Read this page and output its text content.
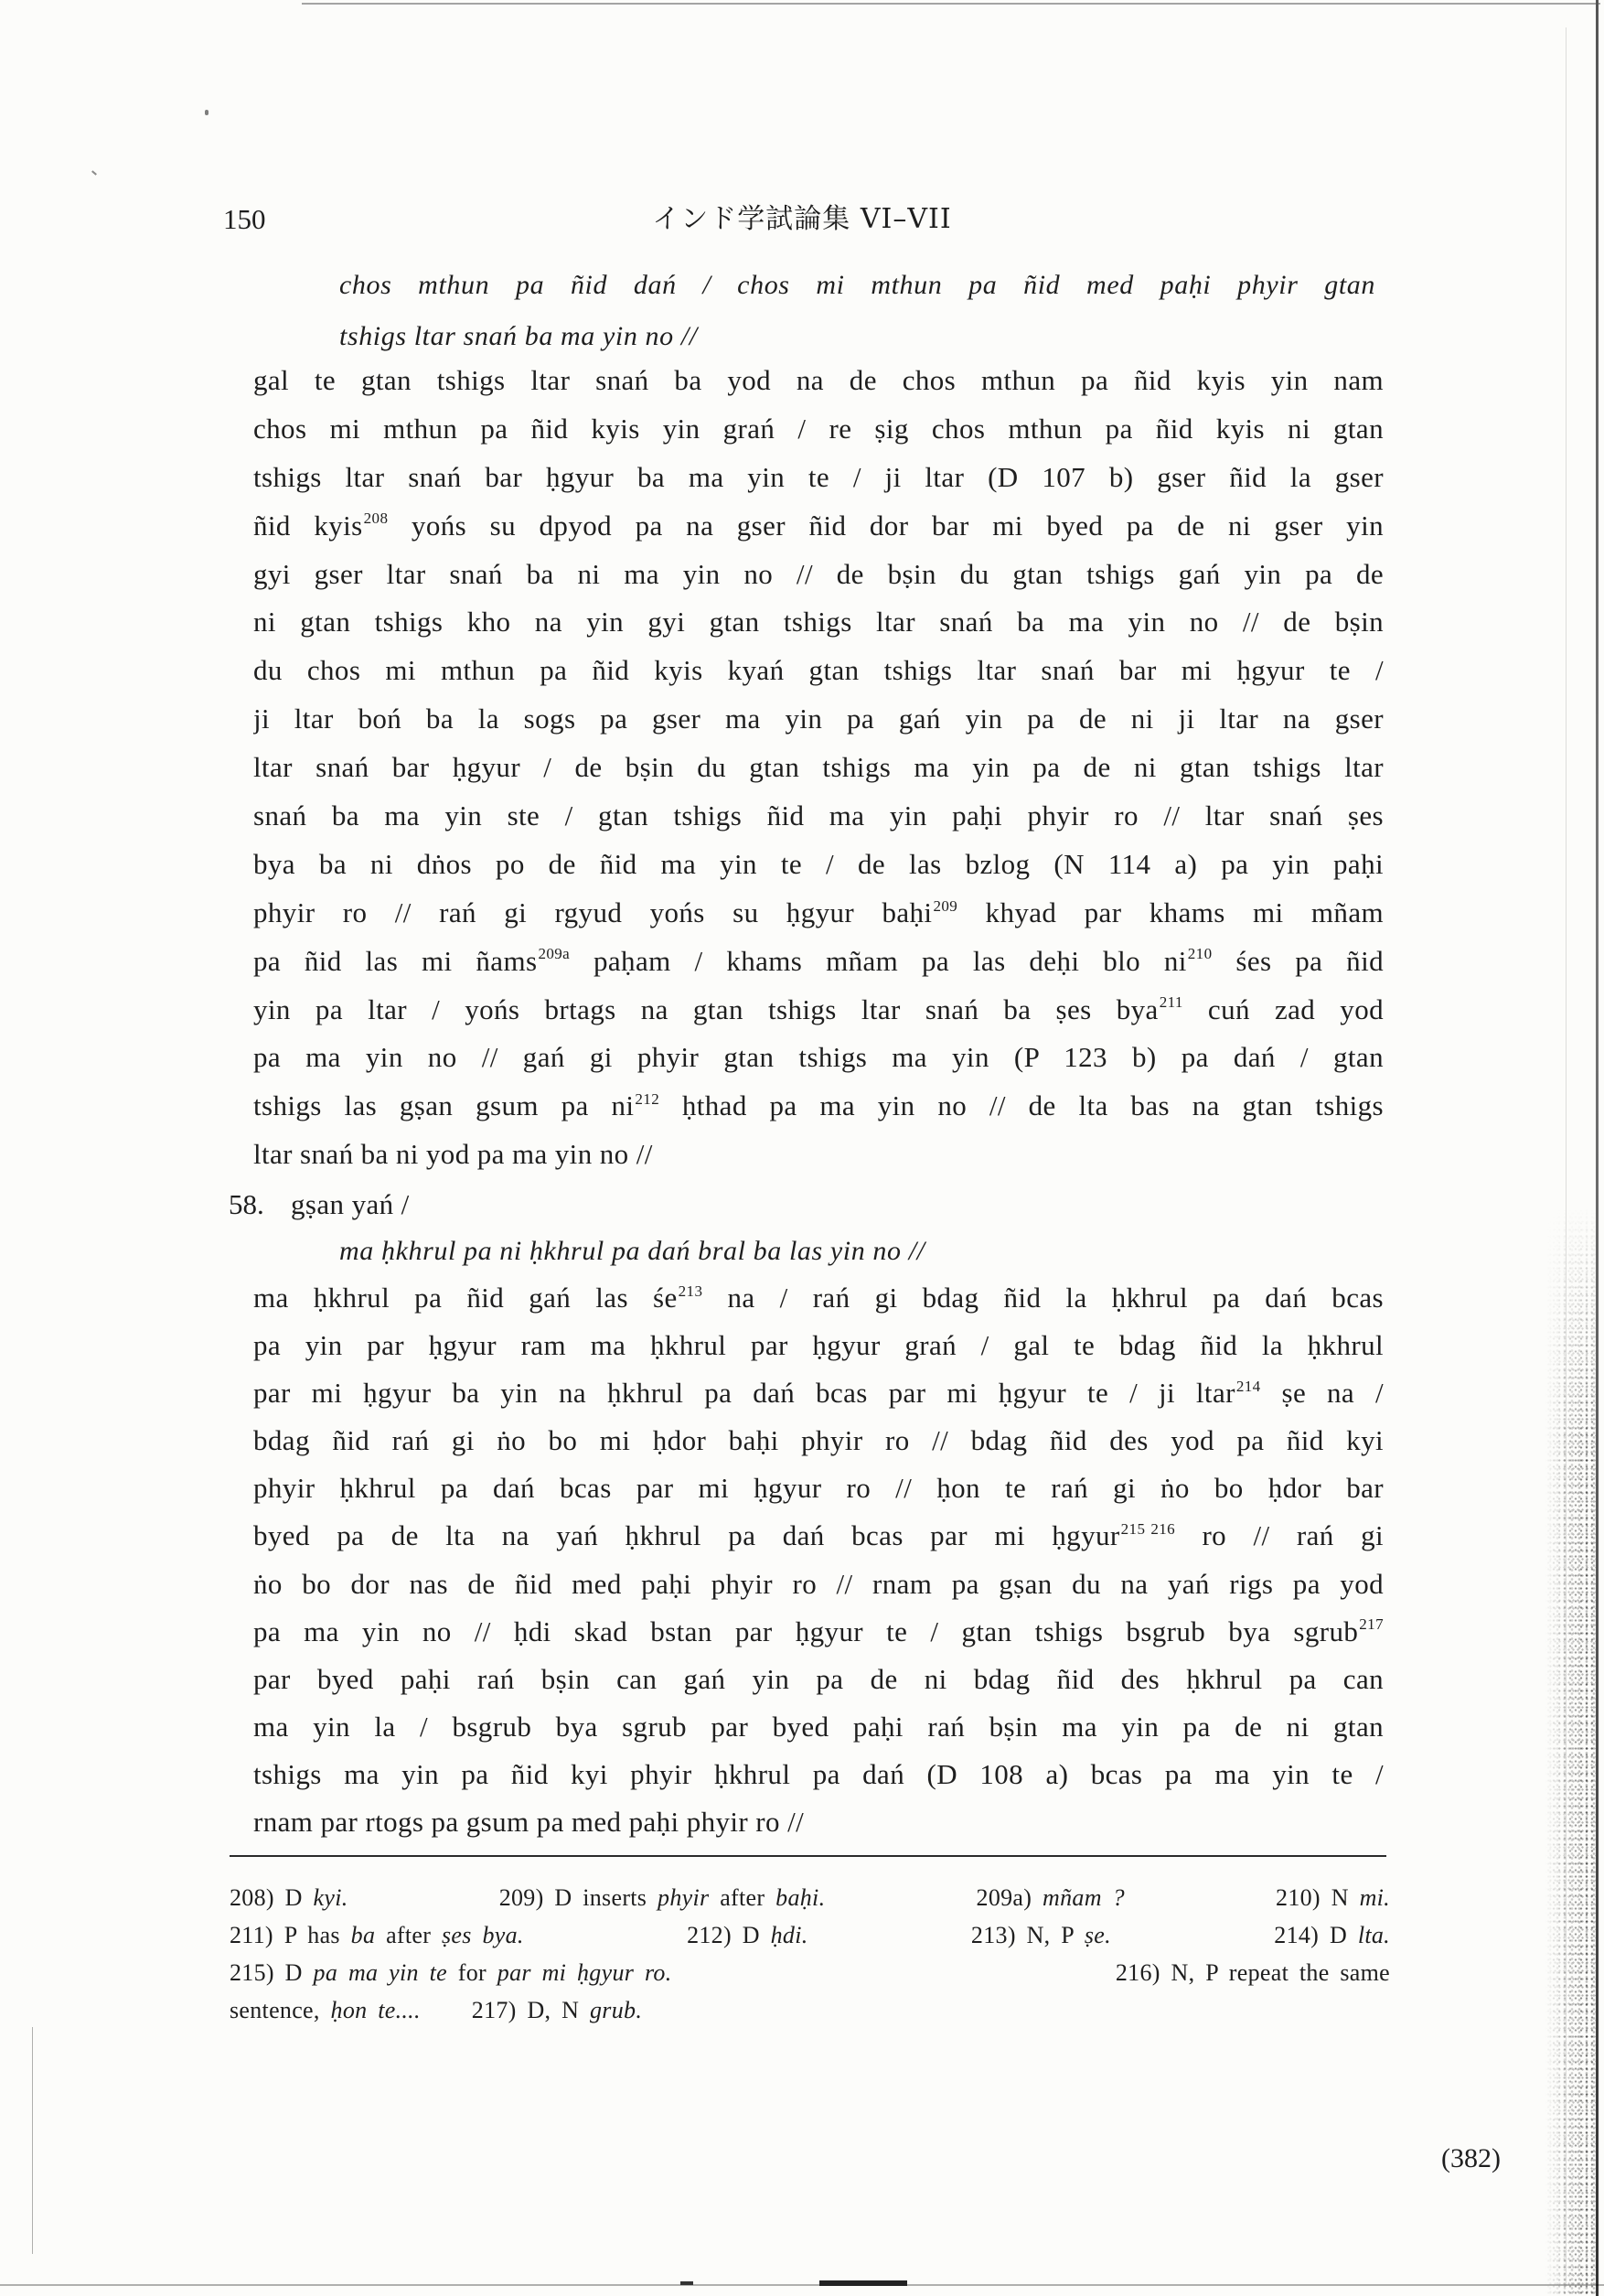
150	インド学試論集 VI–VII
chos mthun pa ñid dań / chos mi mthun pa ñid med paḥi phyir gtan
tshigs ltar snań ba ma yin no //
gal te gtan tshigs ltar snań ba yod na de chos mthun pa ñid kyis yin nam
chos mi mthun pa ñid kyis yin grań / re ṣig chos mthun pa ñid kyis ni gtan
tshigs ltar snań bar ḥgyur ba ma yin te / ji ltar (D 107 b) gser ñid la gser
ñid kyis$^{208}$ yońs su dpyod pa na gser ñid dor bar mi byed pa de ni gser yin
gyi gser ltar snań ba ni ma yin no // de bṣin du gtan tshigs gań yin pa de
ni gtan tshigs kho na yin gyi gtan tshigs ltar snań ba ma yin no // de bṣin
du chos mi mthun pa ñid kyis kyań gtan tshigs ltar snań bar mi ḥgyur te /
ji ltar boń ba la sogs pa gser ma yin pa gań yin pa de ni ji ltar na gser
ltar snań bar ḥgyur / de bṣin du gtan tshigs ma yin pa de ni gtan tshigs ltar
snań ba ma yin ste / gtan tshigs ñid ma yin paḥi phyir ro // ltar snań ṣes
bya ba ni dṅos po de ñid ma yin te / de las bzlog (N 114 a) pa yin paḥi
phyir ro // rań gi rgyud yońs su ḥgyur baḥi$^{209}$ khyad par khams mi mñam
pa ñid las mi ñams$^{209a}$ paḥam / khams mñam pa las deḥi blo $ni^{210}$ śes pa ñid
yin pa ltar / yońs brtags na gtan tshigs ltar snań ba ṣes bya$^{211}$ cuń zad yod
pa ma yin no // gań gi phyir gtan tshigs ma yin (P 123 b) pa dań / gtan
tshigs las gṣan gsum pa $ni^{212}$ ḥthad pa ma yin no // de lta bas na gtan tshigs
ltar snań ba ni yod pa ma yin no //
58. gṣan yań /
ma ḥkhrul pa ni ḥkhrul pa dań bral ba las yin no //
ma ḥkhrul pa ñid gań las $śe^{213}$ na / rań gi bdag ñid la ḥkhrul pa dań bcas
pa yin par ḥgyur ram ma ḥkhrul par ḥgyur grań / gal te bdag ñid la ḥkhrul
par mi ḥgyur ba yin na ḥkhrul pa dań bcas par mi ḥgyur te / ji ltar$^{214}$ ṣe na /
bdag ñid rań gi ṅo bo mi ḥdor baḥi phyir ro // bdag ñid des yod pa ñid kyi
phyir ḥkhrul pa dań bcas par mi ḥgyur ro // ḥon te rań gi ṅo bo ḥdor bar
byed pa de lta na yań ḥkhrul pa dań bcas par mi ḥgyur$^{215}$ $^{216}$ ro // rań gi
ṅo bo dor nas de ñid med paḥi phyir ro // rnam pa gṣan du na yań rigs pa yod
pa ma yin no // ḥdi skad bstan par ḥgyur te / gtan tshigs bsgrub bya sgrub$^{217}$
par byed paḥi rań bṣin can gań yin pa de ni bdag ñid des ḥkhrul pa can
ma yin la / bsgrub bya sgrub par byed paḥi rań bṣin ma yin pa de ni gtan
tshigs ma yin pa ñid kyi phyir ḥkhrul pa dań (D 108 a) bcas pa ma yin te /
rnam par rtogs pa gsum pa med paḥi phyir ro //
208) D kyi.	209) D inserts phyir after baḥi.	209a) mñam ?	210) N mi.
211) P has ba after ṣes bya.	212) D ḥdi.	213) N, P ṣe.	214) D lta.
215) D pa ma yin te for par mi ḥgyur ro.	216) N, P repeat the same
sentence, ḥon te.... 217) D, N grub.
(382)
